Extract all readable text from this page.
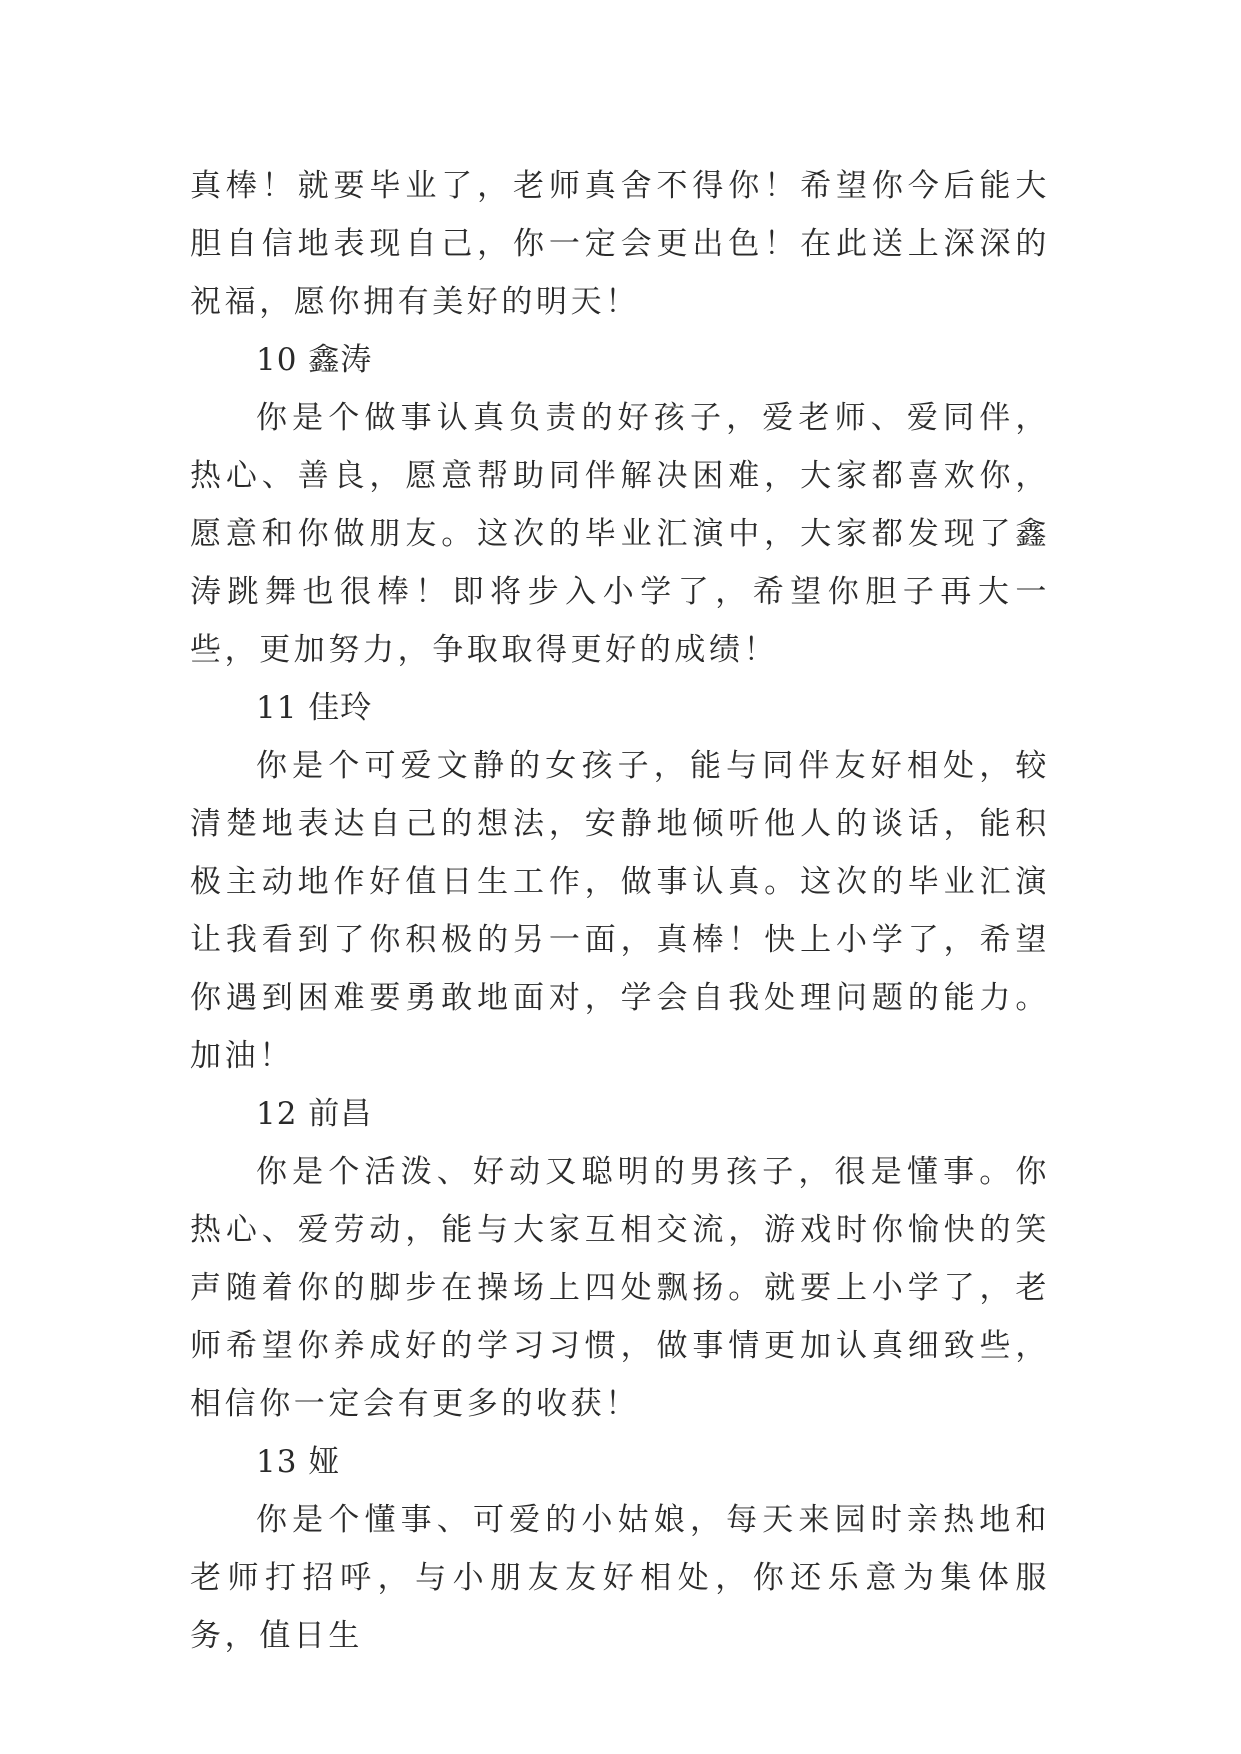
真棒！就要毕业了，老师真舍不得你！希望你今后能大胆自信地表现自己，你一定会更出色！在此送上深深的祝福，愿你拥有美好的明天！

10 鑫涛

你是个做事认真负责的好孩子，爱老师、爱同伴，热心、善良，愿意帮助同伴解决困难，大家都喜欢你，愿意和你做朋友。这次的毕业汇演中，大家都发现了鑫涛跳舞也很棒！即将步入小学了，希望你胆子再大一些，更加努力，争取取得更好的成绩！

11 佳玲

你是个可爱文静的女孩子，能与同伴友好相处，较清楚地表达自己的想法，安静地倾听他人的谈话，能积极主动地作好值日生工作，做事认真。这次的毕业汇演让我看到了你积极的另一面，真棒！快上小学了，希望你遇到困难要勇敢地面对，学会自我处理问题的能力。加油！

12 前昌

你是个活泼、好动又聪明的男孩子，很是懂事。你热心、爱劳动，能与大家互相交流，游戏时你愉快的笑声随着你的脚步在操场上四处飘扬。就要上小学了，老师希望你养成好的学习习惯，做事情更加认真细致些，相信你一定会有更多的收获！

13 娅

你是个懂事、可爱的小姑娘，每天来园时亲热地和老师打招呼，与小朋友友好相处，你还乐意为集体服务，值日生
